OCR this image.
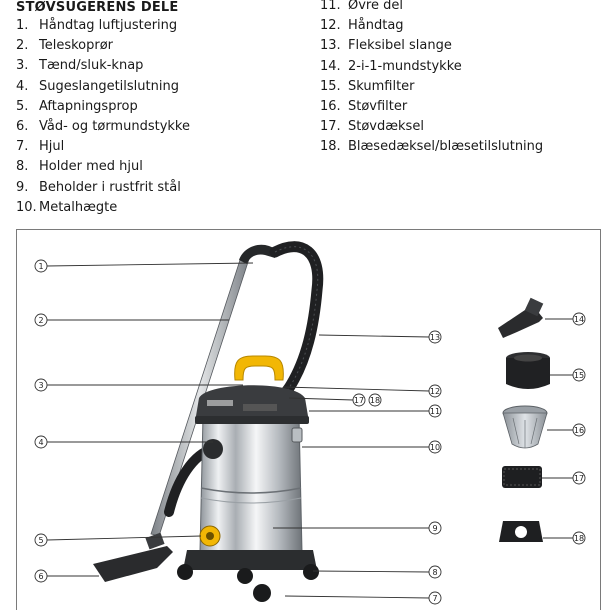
STØVSUGERENS DELE
1. Håndtag luftjustering
2. Teleskoprør
3. Tænd/sluk-knap
4. Sugeslangetilslutning
5. Aftapningsprop
6. Våd- og tørmundstykke
7. Hjul
8. Holder med hjul
9. Beholder i rustfrit stål
10. Metalhægte
11. Øvre del
12. Håndtag
13. Fleksibel slange
14. 2-i-1-mundstykke
15. Skumfilter
16. Støvfilter
17. Støvdæksel
18. Blæsedæksel/blæsetilslutning
1
2
3
4
5
6
7
8
9
10
11
12
13
17 18
14
15
16
17
18
